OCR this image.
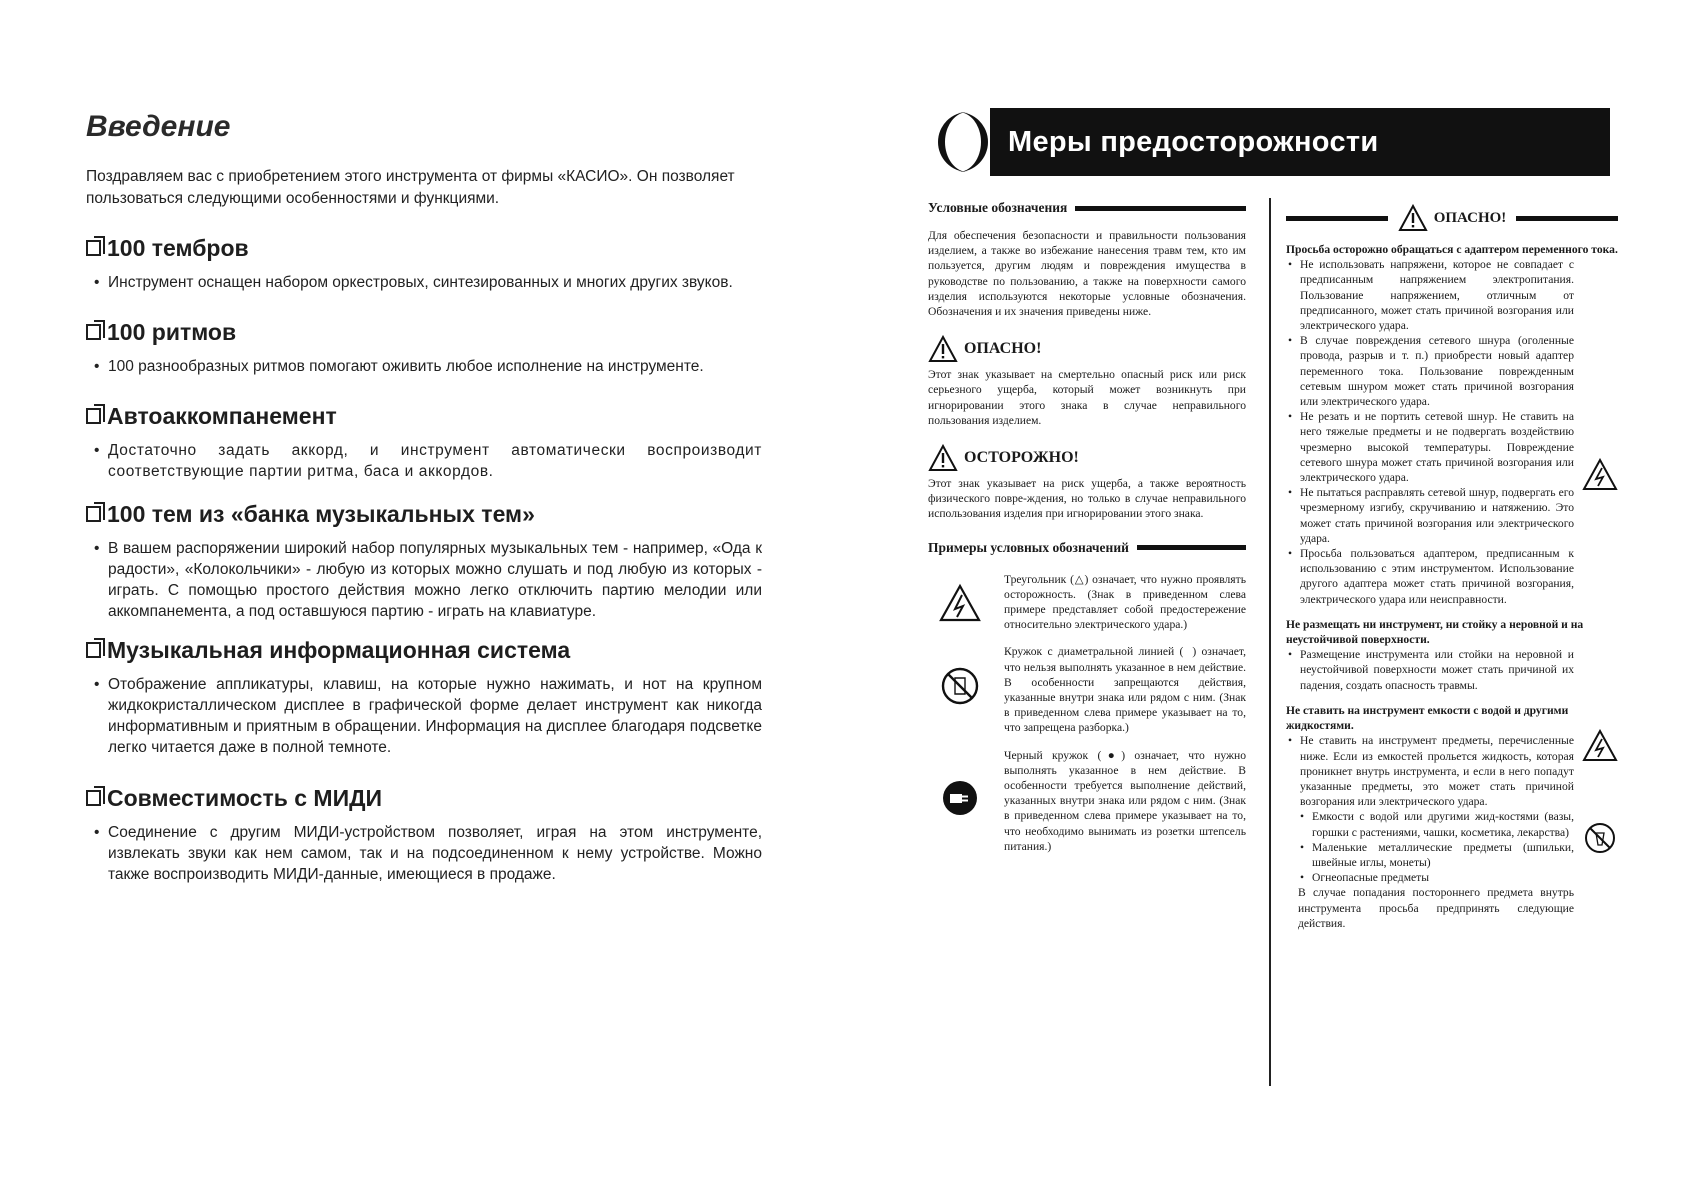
Введение

Поздравляем вас с приобретением этого инструмента от фирмы «КАСИО». Он позволяет пользоваться следующими особенностями и функциями.

100 тембров

• Инструмент оснащен набором оркестровых, синтезированных и многих других звуков.

100 ритмов

• 100 разнообразных ритмов помогают оживить любое исполнение на инструменте.

Автоаккомпанемент

• Достаточно задать аккорд, и инструмент автоматически воспроизводит соответствующие партии ритма, баса и аккордов.

100 тем из «банка музыкальных тем»

• В вашем распоряжении широкий набор популярных музыкальных тем - например, «Ода к радости», «Колокольчики» - любую из которых можно слушать и под любую из которых - играть. С помощью простого действия можно легко отключить партию мелодии или аккомпанемента, а под оставшуюся партию - играть на клавиатуре.

Музыкальная информационная система

• Отображение аппликатуры, клавиш, на которые нужно нажимать, и нот на крупном жидкокристаллическом дисплее в графической форме делает инструмент как никогда информативным и приятным в обращении. Информация на дисплее благодаря подсветке легко читается даже в полной темноте.

Совместимость с МИДИ

• Соединение с другим МИДИ-устройством позволяет, играя на этом инструменте, извлекать звуки как нем самом, так и на подсоединенном к нему устройстве. Можно также воспроизводить МИДИ-данные, имеющиеся в продаже.

Меры предосторожности
Условные обозначения

Для обеспечения безопасности и правильности пользования изделием, а также во избежание нанесения травм тем, кто им пользуется, другим людям и повреждения имущества в руководстве по пользованию, а также на поверхности самого изделия используются некоторые условные обозначения. Обозначения и их значения приведены ниже.

ОПАСНО!

Этот знак указывает на смертельно опасный риск или риск серьезного ущерба, который может возникнуть при игнорировании этого знака в случае неправильного пользования изделием.

ОСТОРОЖНО!

Этот знак указывает на риск ущерба, а также вероятность физического повре-ждения, но только в случае неправильного использования изделия при игнорировании этого знака.

Примеры условных обозначений

Треугольник (△) означает, что нужно проявлять осторожность. (Знак в приведенном слева примере представляет собой предостережение относительно электрического удара.)

Кружок с диаметральной линией (⃠) означает, что нельзя выполнять указанное в нем действие. В особенности запрещаются действия, указанные внутри знака или рядом с ним. (Знак в приведенном слева примере указывает на то, что запрещена разборка.)

Черный кружок (●) означает, что нужно выполнять указанное в нем действие. В особенности требуется выполнение действий, указанных внутри знака или рядом с ним. (Знак в приведенном слева примере указывает на то, что необходимо вынимать из розетки штепсель питания.)

ОПАСНО!

Просьба осторожно обращаться с адаптером переменного тока.

• Не использовать напряжени, которое не совпадает с предписанным напряжением электропитания. Пользование напряжением, отличным от предписанного, может стать причиной возгорания или электрического удара.
• В случае повреждения сетевого шнура (оголенные провода, разрыв и т. п.) приобрести новый адаптер переменного тока. Пользование поврежденным сетевым шнуром может стать причиной возгорания или электрического удара.
• Не резать и не портить сетевой шнур. Не ставить на него тяжелые предметы и не подвергать воздействию чрезмерно высокой температуры. Повреждение сетевого шнура может стать причиной возгорания или электрического удара.
• Не пытаться расправлять сетевой шнур, подвергать его чрезмерному изгибу, скручиванию и натяжению. Это может стать причиной возгорания или электрического удара.
• Просьба пользоваться адаптером, предписанным к использованию с этим инструментом. Использование другого адаптера может стать причиной возгорания, электрического удара или неисправности.

Не размещать ни инструмент, ни стойку а неровной и на неустойчивой поверхности.

• Размещение инструмента или стойки на неровной и неустойчивой поверхности может стать причиной их падения, создать опасность травмы.

Не ставить на инструмент емкости с водой и другими жидкостями.

• Не ставить на инструмент предметы, перечисленные ниже. Если из емкостей прольется жидкость, которая проникнет внутрь инструмента, и если в него попадут указанные предметы, это может стать причиной возгорания или электрического удара.
• Емкости с водой или другими жид-костями (вазы, горшки с растениями, чашки, косметика, лекарства)
• Маленькие металлические предметы (шпильки, швейные иглы, монеты)
• Огнеопасные предметы

В случае попадания постороннего предмета внутрь инструмента просьба предпринять следующие действия.
